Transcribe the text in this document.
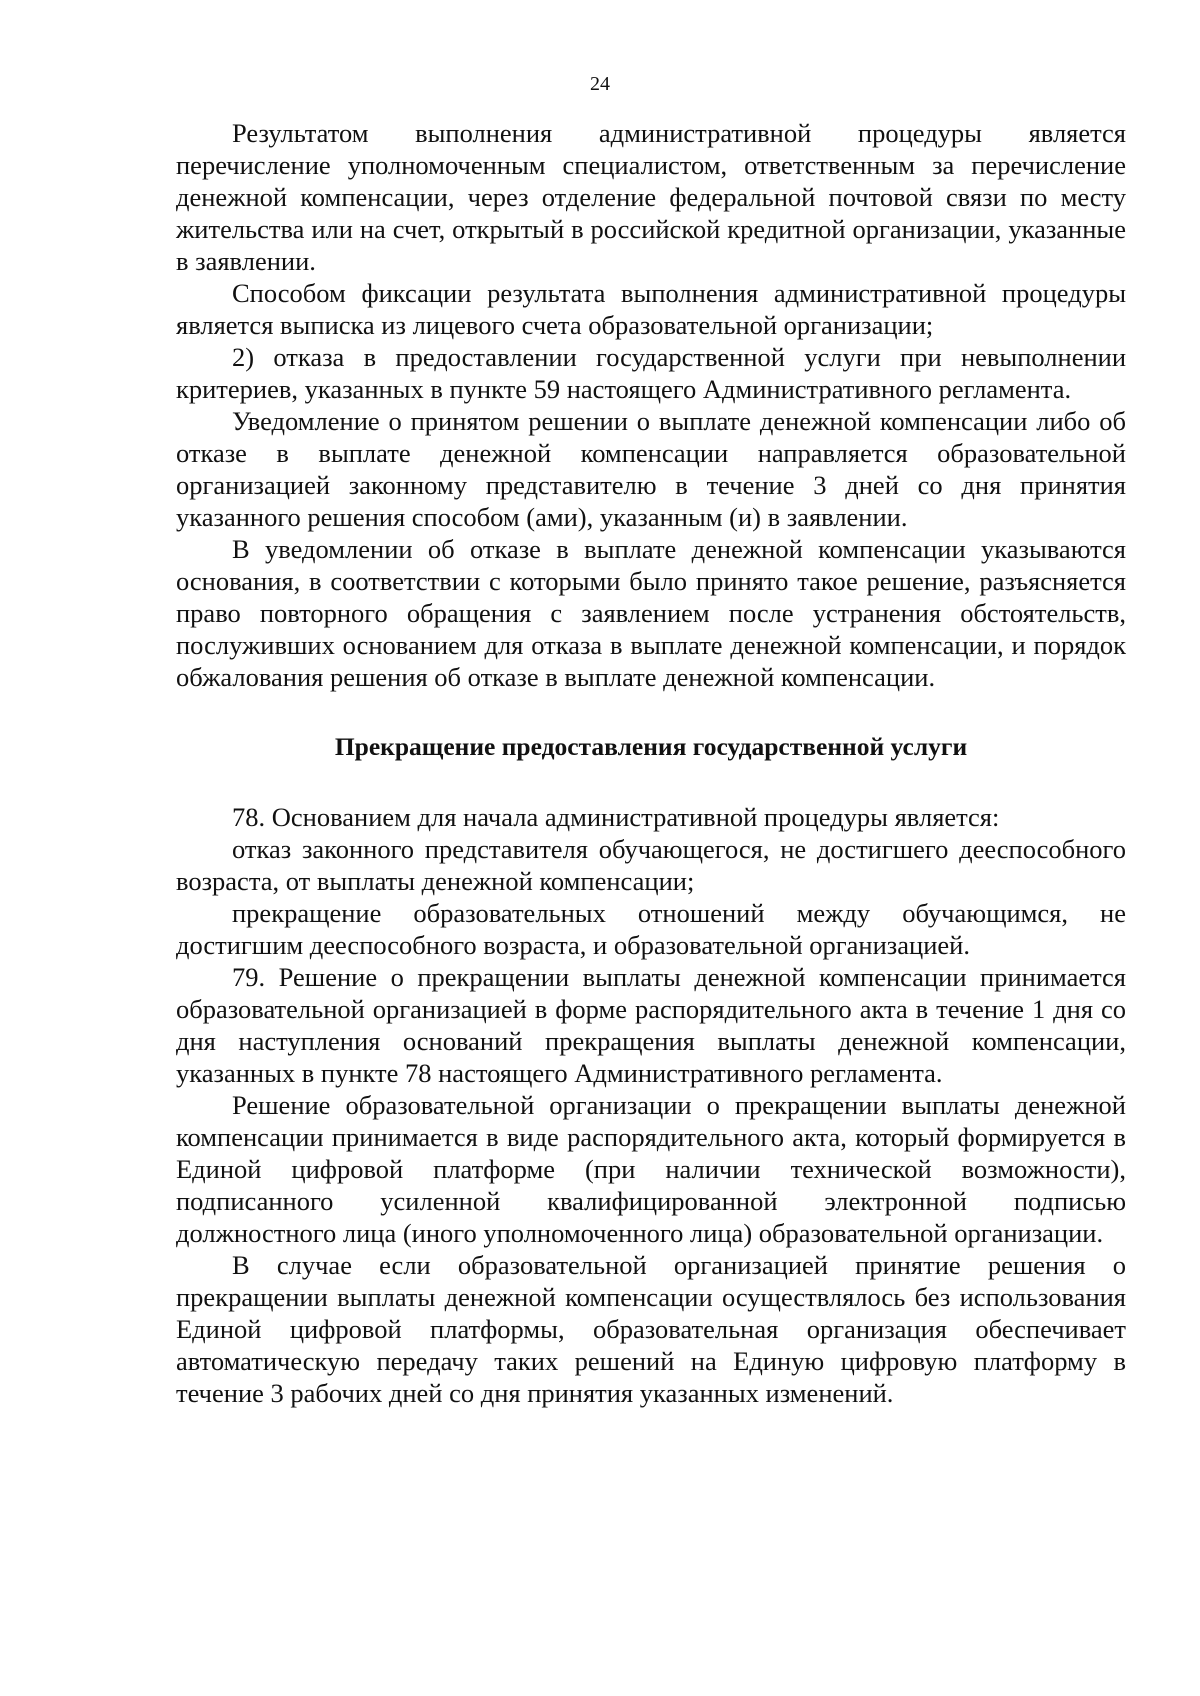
24

Результатом выполнения административной процедуры является перечисление уполномоченным специалистом, ответственным за перечисление денежной компенсации, через отделение федеральной почтовой связи по месту жительства или на счет, открытый в российской кредитной организации, указанные в заявлении.

Способом фиксации результата выполнения административной процедуры является выписка из лицевого счета образовательной организации;

2) отказа в предоставлении государственной услуги при невыполнении критериев, указанных в пункте 59 настоящего Административного регламента.

Уведомление о принятом решении о выплате денежной компенсации либо об отказе в выплате денежной компенсации направляется образовательной организацией законному представителю в течение 3 дней со дня принятия указанного решения способом (ами), указанным (и) в заявлении.

В уведомлении об отказе в выплате денежной компенсации указываются основания, в соответствии с которыми было принято такое решение, разъясняется право повторного обращения с заявлением после устранения обстоятельств, послуживших основанием для отказа в выплате денежной компенсации, и порядок обжалования решения об отказе в выплате денежной компенсации.

Прекращение предоставления государственной услуги

78. Основанием для начала административной процедуры является:

отказ законного представителя обучающегося, не достигшего дееспособного возраста, от выплаты денежной компенсации;

прекращение образовательных отношений между обучающимся, не достигшим дееспособного возраста, и образовательной организацией.

79. Решение о прекращении выплаты денежной компенсации принимается образовательной организацией в форме распорядительного акта в течение 1 дня со дня наступления оснований прекращения выплаты денежной компенсации, указанных в пункте 78 настоящего Административного регламента.

Решение образовательной организации о прекращении выплаты денежной компенсации принимается в виде распорядительного акта, который формируется в Единой цифровой платформе (при наличии технической возможности), подписанного усиленной квалифицированной электронной подписью должностного лица (иного уполномоченного лица) образовательной организации.

В случае если образовательной организацией принятие решения о прекращении выплаты денежной компенсации осуществлялось без использования Единой цифровой платформы, образовательная организация обеспечивает автоматическую передачу таких решений на Единую цифровую платформу в течение 3 рабочих дней со дня принятия указанных изменений.
